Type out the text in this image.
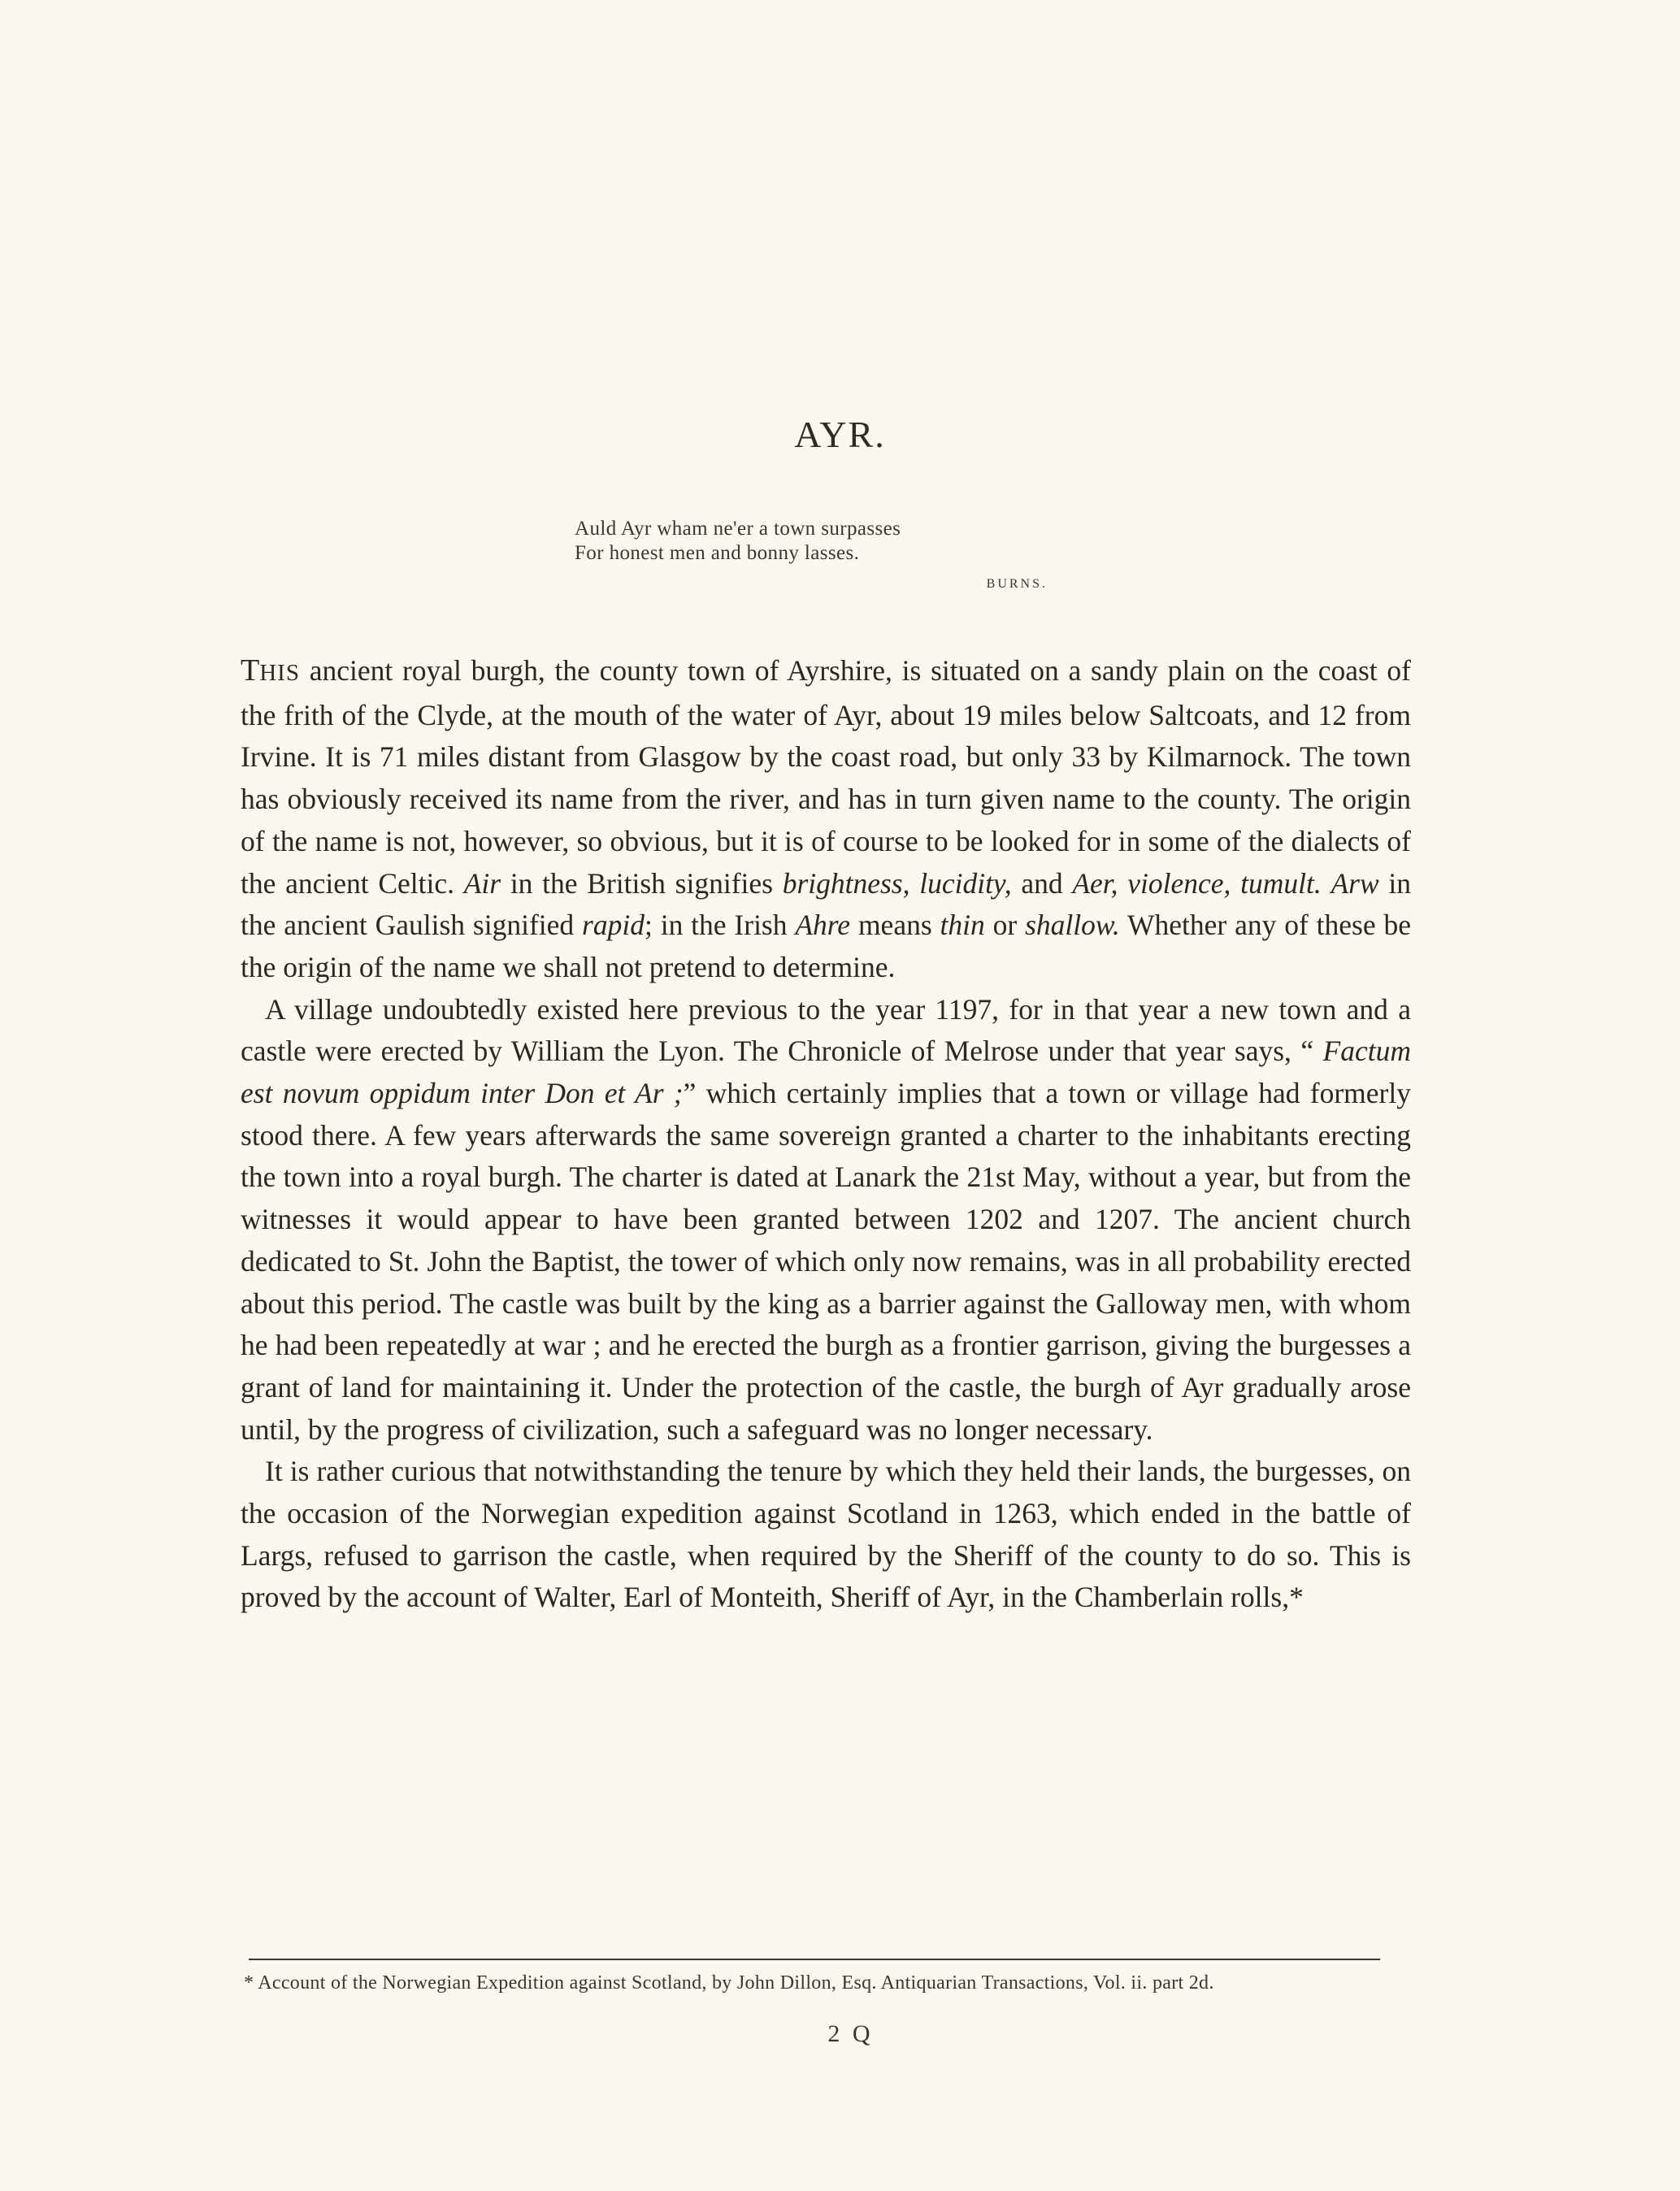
AYR.
Auld Ayr wham ne'er a town surpasses
For honest men and bonny lasses.
BURNS.

THIS ancient royal burgh, the county town of Ayrshire, is situated on a sandy plain on the coast of the frith of the Clyde, at the mouth of the water of Ayr, about 19 miles below Saltcoats, and 12 from Irvine. It is 71 miles distant from Glasgow by the coast road, but only 33 by Kilmarnock. The town has obviously received its name from the river, and has in turn given name to the county. The origin of the name is not, however, so obvious, but it is of course to be looked for in some of the dialects of the ancient Celtic. Air in the British signifies brightness, lucidity, and Aer, violence, tumult. Arw in the ancient Gaulish signified rapid; in the Irish Ahre means thin or shallow. Whether any of these be the origin of the name we shall not pretend to determine.

A village undoubtedly existed here previous to the year 1197, for in that year a new town and a castle were erected by William the Lyon. The Chronicle of Melrose under that year says, “ Factum est novum oppidum inter Don et Ar ;” which certainly implies that a town or village had formerly stood there. A few years afterwards the same sovereign granted a charter to the inhabitants erecting the town into a royal burgh. The charter is dated at Lanark the 21st May, without a year, but from the witnesses it would appear to have been granted between 1202 and 1207. The ancient church dedicated to St. John the Baptist, the tower of which only now remains, was in all probability erected about this period. The castle was built by the king as a barrier against the Galloway men, with whom he had been repeatedly at war ; and he erected the burgh as a frontier garrison, giving the burgesses a grant of land for maintaining it. Under the protection of the castle, the burgh of Ayr gradually arose until, by the progress of civilization, such a safeguard was no longer necessary.

It is rather curious that notwithstanding the tenure by which they held their lands, the burgesses, on the occasion of the Norwegian expedition against Scotland in 1263, which ended in the battle of Largs, refused to garrison the castle, when required by the Sheriff of the county to do so. This is proved by the account of Walter, Earl of Monteith, Sheriff of Ayr, in the Chamberlain rolls,*

* Account of the Norwegian Expedition against Scotland, by John Dillon, Esq. Antiquarian Transactions, Vol. ii. part 2d.
2 Q
